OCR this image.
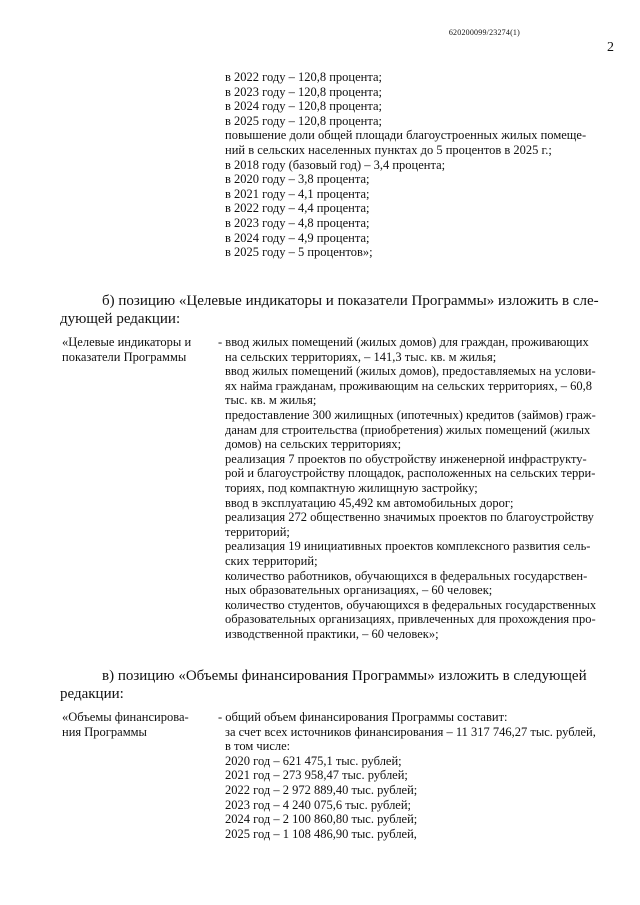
620200099/23274(1)
2
в 2022 году – 120,8 процента;
в 2023 году – 120,8 процента;
в 2024 году – 120,8 процента;
в 2025 году – 120,8 процента;
повышение доли общей площади благоустроенных жилых помеще-
ний в сельских населенных пунктах до 5 процентов в 2025 г.;
в 2018 году (базовый год) – 3,4 процента;
в 2020 году – 3,8 процента;
в 2021 году – 4,1 процента;
в 2022 году – 4,4 процента;
в 2023 году – 4,8 процента;
в 2024 году – 4,9 процента;
в 2025 году – 5 процентов»;
б) позицию «Целевые индикаторы и показатели Программы» изложить в сле-
дующей редакции:
«Целевые индикаторы и
показатели Программы
- ввод жилых помещений (жилых домов) для граждан, проживающих
на сельских территориях, – 141,3 тыс. кв. м жилья;
ввод жилых помещений (жилых домов), предоставляемых на услови-
ях найма гражданам, проживающим на сельских территориях, – 60,8
тыс. кв. м жилья;
предоставление 300 жилищных (ипотечных) кредитов (займов) граж-
данам для строительства (приобретения) жилых помещений (жилых
домов) на сельских территориях;
реализация 7 проектов по обустройству инженерной инфраструкту-
рой и благоустройству площадок, расположенных на сельских терри-
ториях, под компактную жилищную застройку;
ввод в эксплуатацию 45,492 км автомобильных дорог;
реализация 272 общественно значимых проектов по благоустройству
территорий;
реализация 19 инициативных проектов комплексного развития сель-
ских территорий;
количество работников, обучающихся в федеральных государствен-
ных образовательных организациях, – 60 человек;
количество студентов, обучающихся в федеральных государственных
образовательных организациях, привлеченных для прохождения про-
изводственной практики, – 60 человек»;
в) позицию «Объемы финансирования Программы» изложить в следующей
редакции:
«Объемы финансирова-
ния Программы
- общий объем финансирования Программы составит:
за счет всех источников финансирования – 11 317 746,27 тыс. рублей,
в том числе:
2020 год – 621 475,1 тыс. рублей;
2021 год – 273 958,47 тыс. рублей;
2022 год – 2 972 889,40 тыс. рублей;
2023 год – 4 240 075,6 тыс. рублей;
2024 год – 2 100 860,80 тыс. рублей;
2025 год – 1 108 486,90 тыс. рублей,
